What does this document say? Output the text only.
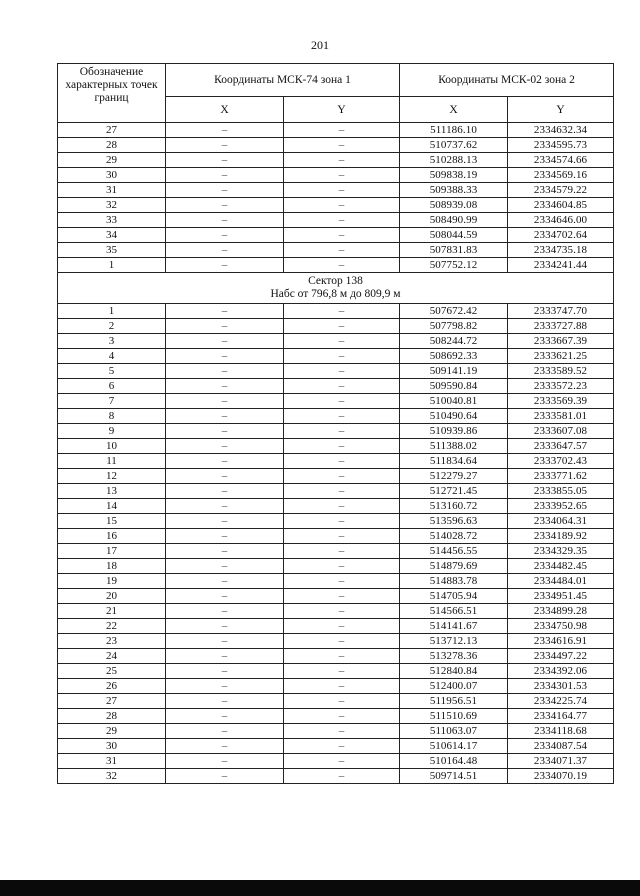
201
Обозначение характерных точек границ	Координаты МСК-74 зона 1		Координаты МСК-02 зона 2	
	X	Y	X	Y
27	–	–	511186.10	2334632.34
28	–	–	510737.62	2334595.73
29	–	–	510288.13	2334574.66
30	–	–	509838.19	2334569.16
31	–	–	509388.33	2334579.22
32	–	–	508939.08	2334604.85
33	–	–	508490.99	2334646.00
34	–	–	508044.59	2334702.64
35	–	–	507831.83	2334735.18
1	–	–	507752.12	2334241.44

Сектор 138
Набс от 796,8 м до 809,9 м				

1	–	–	507672.42	2333747.70
2	–	–	507798.82	2333727.88
3	–	–	508244.72	2333667.39
4	–	–	508692.33	2333621.25
5	–	–	509141.19	2333589.52
6	–	–	509590.84	2333572.23
7	–	–	510040.81	2333569.39
8	–	–	510490.64	2333581.01
9	–	–	510939.86	2333607.08
10	–	–	511388.02	2333647.57
11	–	–	511834.64	2333702.43
12	–	–	512279.27	2333771.62
13	–	–	512721.45	2333855.05
14	–	–	513160.72	2333952.65
15	–	–	513596.63	2334064.31
16	–	–	514028.72	2334189.92
17	–	–	514456.55	2334329.35
18	–	–	514879.69	2334482.45
19	–	–	514883.78	2334484.01
20	–	–	514705.94	2334951.45
21	–	–	514566.51	2334899.28
22	–	–	514141.67	2334750.98
23	–	–	513712.13	2334616.91
24	–	–	513278.36	2334497.22
25	–	–	512840.84	2334392.06
26	–	–	512400.07	2334301.53
27	–	–	511956.51	2334225.74
28	–	–	511510.69	2334164.77
29	–	–	511063.07	2334118.68
30	–	–	510614.17	2334087.54
31	–	–	510164.48	2334071.37
32	–	–	509714.51	2334070.19
